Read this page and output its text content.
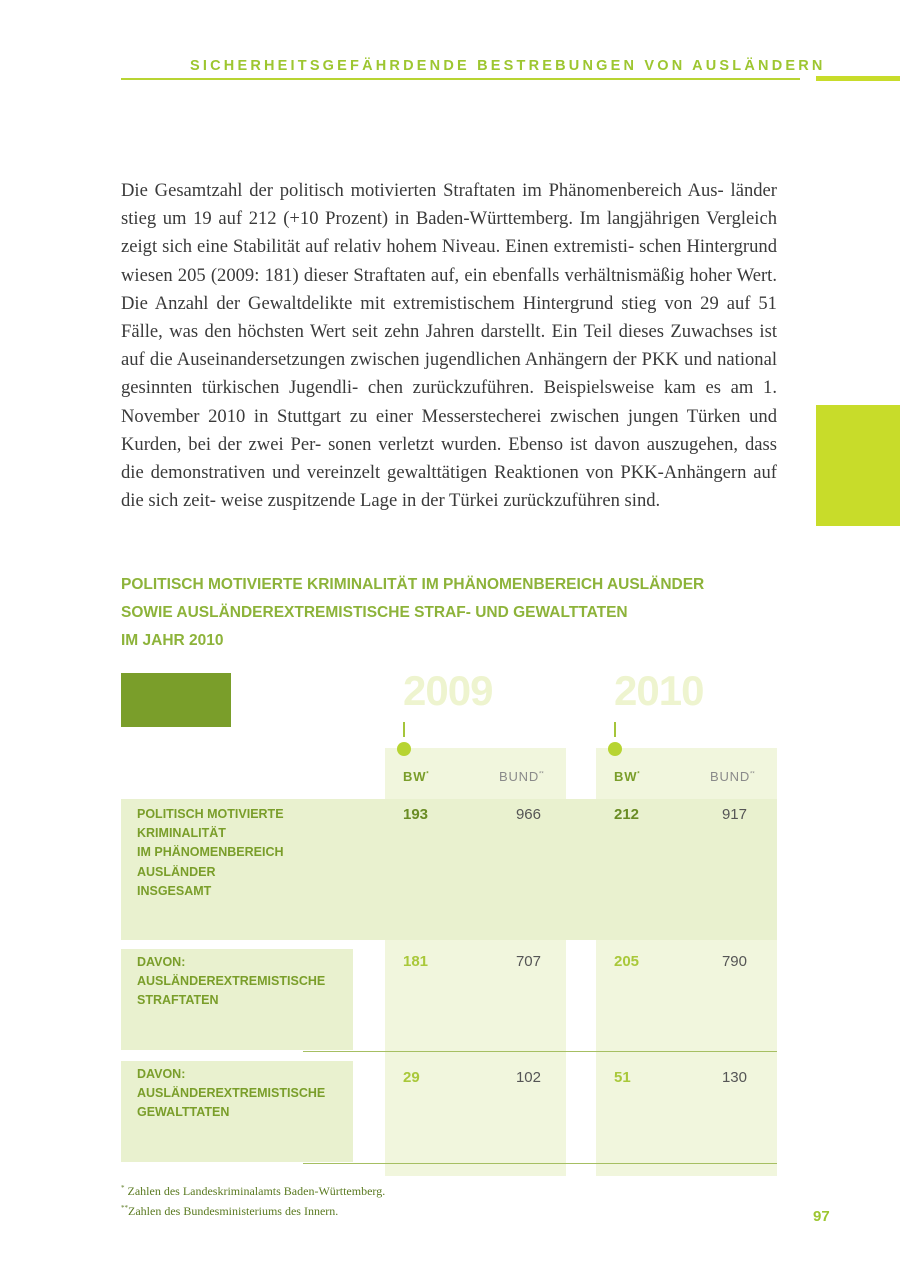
SICHERHEITSGEFÄHRDENDE BESTREBUNGEN VON AUSLÄNDERN

Die Gesamtzahl der politisch motivierten Straftaten im Phänomenbereich Aus- länder stieg um 19 auf 212 (+10 Prozent) in Baden-Württemberg. Im langjährigen Vergleich zeigt sich eine Stabilität auf relativ hohem Niveau. Einen extremisti- schen Hintergrund wiesen 205 (2009: 181) dieser Straftaten auf, ein ebenfalls verhältnismäßig hoher Wert. Die Anzahl der Gewaltdelikte mit extremistischem Hintergrund stieg von 29 auf 51 Fälle, was den höchsten Wert seit zehn Jahren darstellt. Ein Teil dieses Zuwachses ist auf die Auseinandersetzungen zwischen jugendlichen Anhängern der PKK und national gesinnten türkischen Jugendli- chen zurückzuführen. Beispielsweise kam es am 1. November 2010 in Stuttgart zu einer Messerstecherei zwischen jungen Türken und Kurden, bei der zwei Per- sonen verletzt wurden. Ebenso ist davon auszugehen, dass die demonstrativen und vereinzelt gewalttätigen Reaktionen von PKK-Anhängern auf die sich zeit- weise zuspitzende Lage in der Türkei zurückzuführen sind.

POLITISCH MOTIVIERTE KRIMINALITÄT IM PHÄNOMENBEREICH AUSLÄNDER
SOWIE AUSLÄNDEREXTREMISTISCHE STRAF- UND GEWALTTATEN
IM JAHR 2010
2009	2010
BW*	BUND**	BW*	BUND**
POLITISCH MOTIVIERTE
KRIMINALITÄT
IM PHÄNOMENBEREICH
AUSLÄNDER
INSGESAMT
193	966	212	917
DAVON:
AUSLÄNDEREXTREMISTISCHE
STRAFTATEN
181	707	205	790
DAVON:
AUSLÄNDEREXTREMISTISCHE
GEWALTTATEN
29	102	51	130
* Zahlen des Landeskriminalamts Baden-Württemberg.
**Zahlen des Bundesministeriums des Innern.	97
